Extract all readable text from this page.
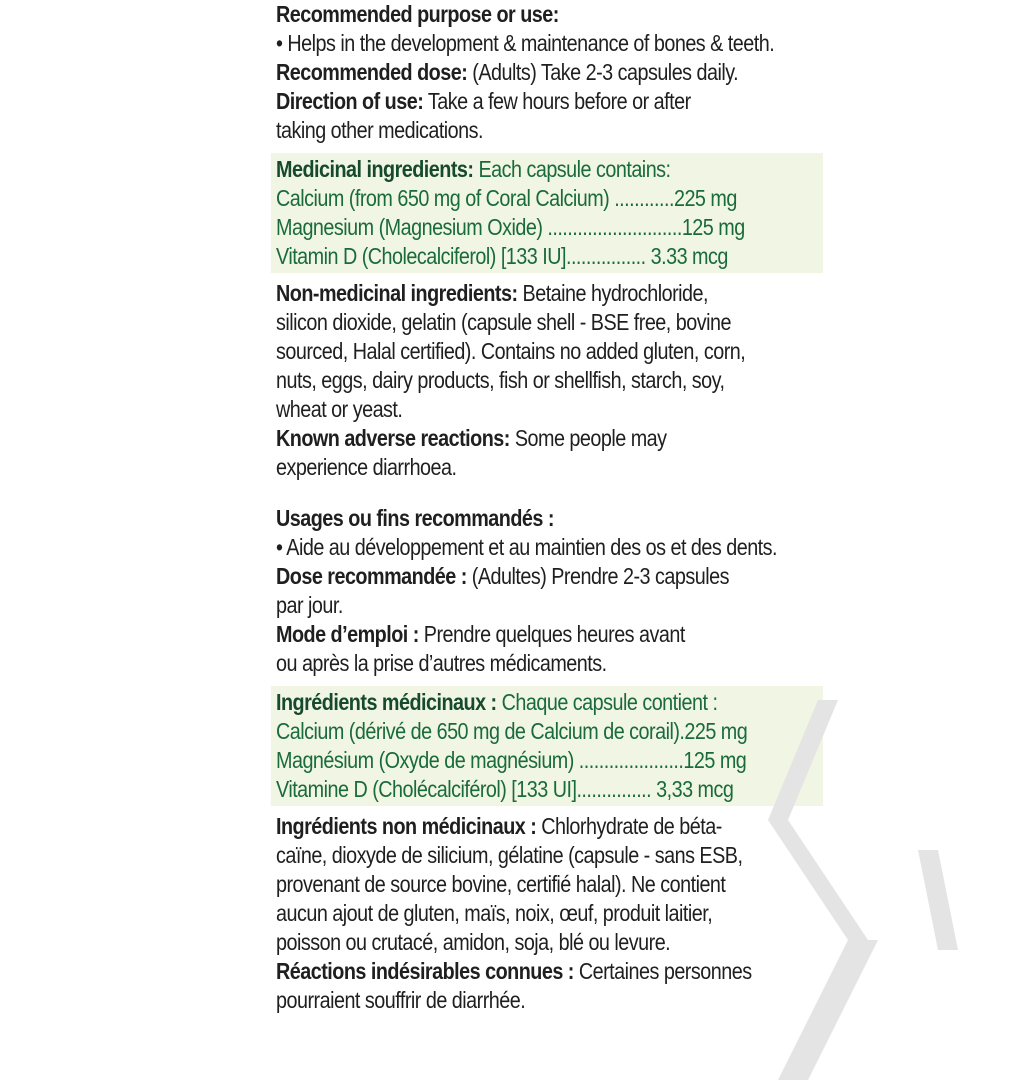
Recommended purpose or use:
• Helps in the development & maintenance of bones & teeth.
Recommended dose: (Adults) Take 2-3 capsules daily.
Direction of use: Take a few hours before or after
taking other medications.
Medicinal ingredients: Each capsule contains:
Calcium (from 650 mg of Coral Calcium) ............225 mg
Magnesium (Magnesium Oxide) ...........................125 mg
Vitamin D (Cholecalciferol) [133 IU]................ 3.33 mcg
Non-medicinal ingredients: Betaine hydrochloride,
silicon dioxide, gelatin (capsule shell - BSE free, bovine
sourced, Halal certified). Contains no added gluten, corn,
nuts, eggs, dairy products, fish or shellfish, starch, soy,
wheat or yeast.
Known adverse reactions: Some people may
experience diarrhoea.
Usages ou fins recommandés :
• Aide au développement et au maintien des os et des dents.
Dose recommandée : (Adultes) Prendre 2-3 capsules
par jour.
Mode d’emploi : Prendre quelques heures avant
ou après la prise d’autres médicaments.
Ingrédients médicinaux : Chaque capsule contient :
Calcium (dérivé de 650 mg de Calcium de corail).225 mg
Magnésium (Oxyde de magnésium) .....................125 mg
Vitamine D (Cholécalciférol) [133 UI]............... 3,33 mcg
Ingrédients non médicinaux : Chlorhydrate de béta-
caïne, dioxyde de silicium, gélatine (capsule - sans ESB,
provenant de source bovine, certifié halal). Ne contient
aucun ajout de gluten, maïs, noix, œuf, produit laitier,
poisson ou crutacé, amidon, soja, blé ou levure.
Réactions indésirables connues : Certaines personnes
pourraient souffrir de diarrhée.
